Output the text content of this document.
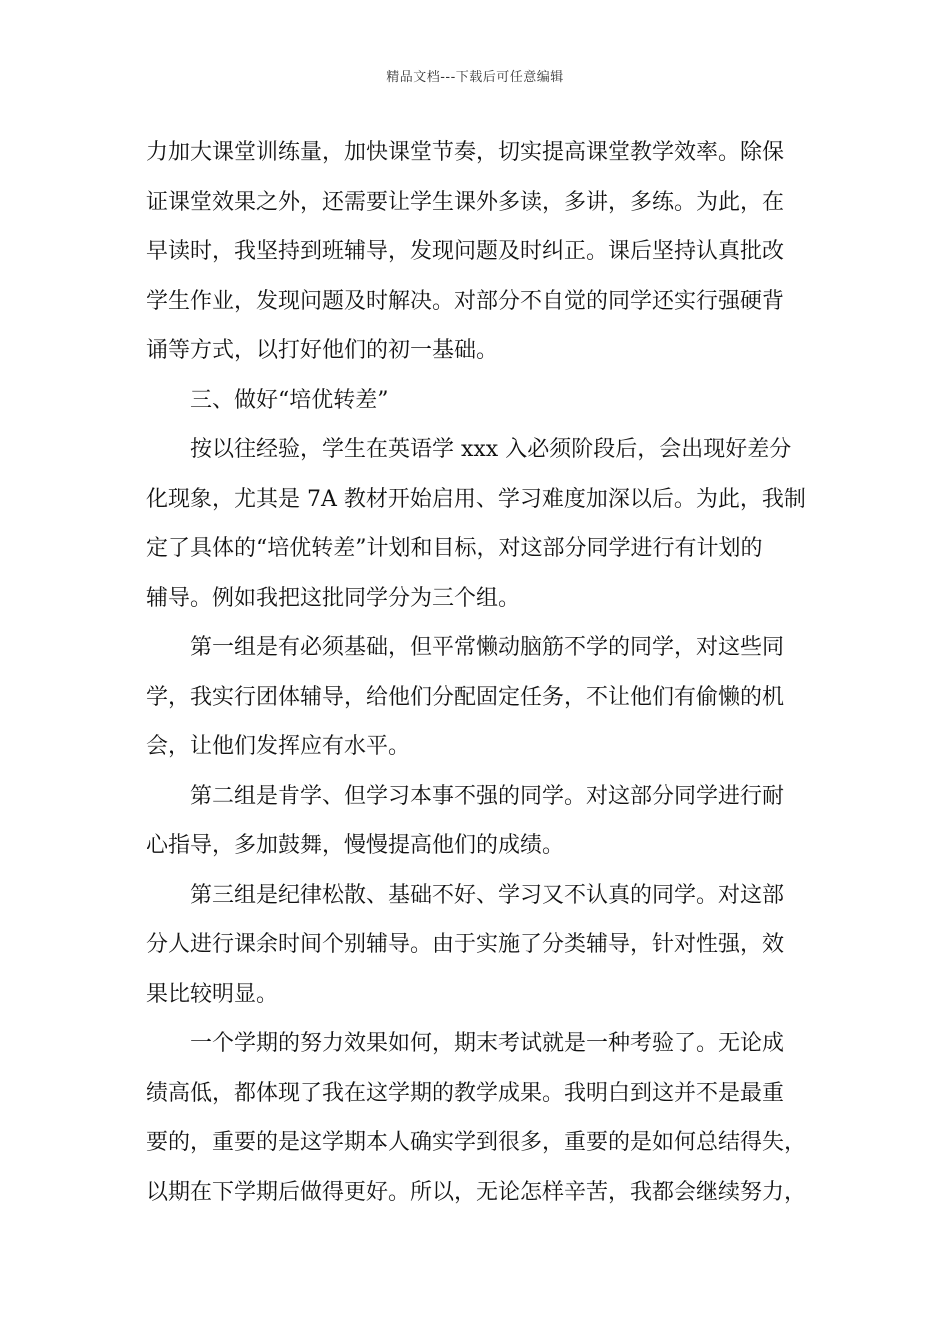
精品文档---下载后可任意编辑
力加大课堂训练量，加快课堂节奏，切实提高课堂教学效率。除保
证课堂效果之外，还需要让学生课外多读，多讲，多练。为此，在
早读时，我坚持到班辅导，发现问题及时纠正。课后坚持认真批改
学生作业，发现问题及时解决。对部分不自觉的同学还实行强硬背
诵等方式，以打好他们的初一基础。
三、做好“培优转差”
按以往经验，学生在英语学 xxx 入必须阶段后，会出现好差分
化现象，尤其是 7A 教材开始启用、学习难度加深以后。为此，我制
定了具体的“培优转差”计划和目标，对这部分同学进行有计划的
辅导。例如我把这批同学分为三个组。
第一组是有必须基础，但平常懒动脑筋不学的同学，对这些同
学，我实行团体辅导，给他们分配固定任务，不让他们有偷懒的机
会，让他们发挥应有水平。
第二组是肯学、但学习本事不强的同学。对这部分同学进行耐
心指导，多加鼓舞，慢慢提高他们的成绩。
第三组是纪律松散、基础不好、学习又不认真的同学。对这部
分人进行课余时间个别辅导。由于实施了分类辅导，针对性强，效
果比较明显。
一个学期的努力效果如何，期末考试就是一种考验了。无论成
绩高低，都体现了我在这学期的教学成果。我明白到这并不是最重
要的，重要的是这学期本人确实学到很多，重要的是如何总结得失，
以期在下学期后做得更好。所以，无论怎样辛苦，我都会继续努力，
